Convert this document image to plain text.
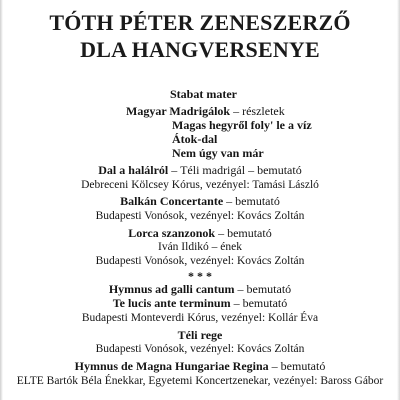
TÓTH PÉTER ZENESZERZŐ
DLA HANGVERSENYE
Stabat mater
Magyar Madrigálok – részletek
Magas hegyről foly' le a víz
Átok-dal
Nem úgy van már
Dal a halálról – Téli madrigál – bemutató
Debreceni Kölcsey Kórus, vezényel: Tamási László
Balkán Concertante – bemutató
Budapesti Vonósok, vezényel: Kovács Zoltán
Lorca szanzonok – bemutató
Iván Ildikó – ének
Budapesti Vonósok, vezényel: Kovács Zoltán
* * *
Hymnus ad galli cantum – bemutató
Te lucis ante terminum – bemutató
Budapesti Monteverdi Kórus, vezényel: Kollár Éva
Téli rege
Budapesti Vonósok, vezényel: Kovács Zoltán
Hymnus de Magna Hungariae Regina – bemutató
ELTE Bartók Béla Énekkar, Egyetemi Koncertzenekar, vezényel: Baross Gábor
